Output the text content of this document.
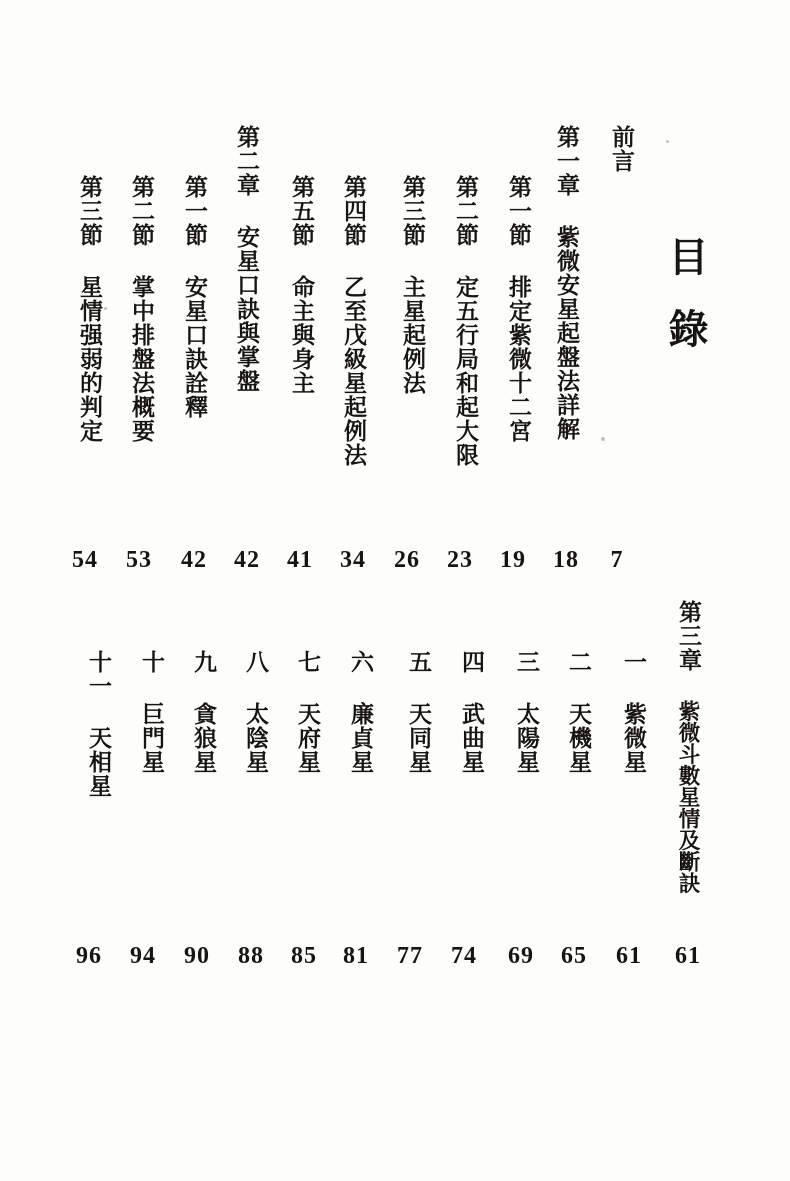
目錄
前言
第一章紫微安星起盤法詳解
第一節排定紫微十二宮
第二節定五行局和起大限
第三節主星起例法
第四節乙至戊級星起例法
第五節命主與身主
第二章安星口訣與掌盤
第一節安星口訣詮釋
第二節掌中排盤法概要
第三節星情强弱的判定
7
18
19
23
26
34
41
42
42
53
54
第三章紫微斗數星情及斷訣
一紫微星
二天機星
三太陽星
四武曲星
五天同星
六廉貞星
七天府星
八太陰星
九貪狼星
十巨門星
十一天相星
61
61
65
69
74
77
81
85
88
90
94
96
